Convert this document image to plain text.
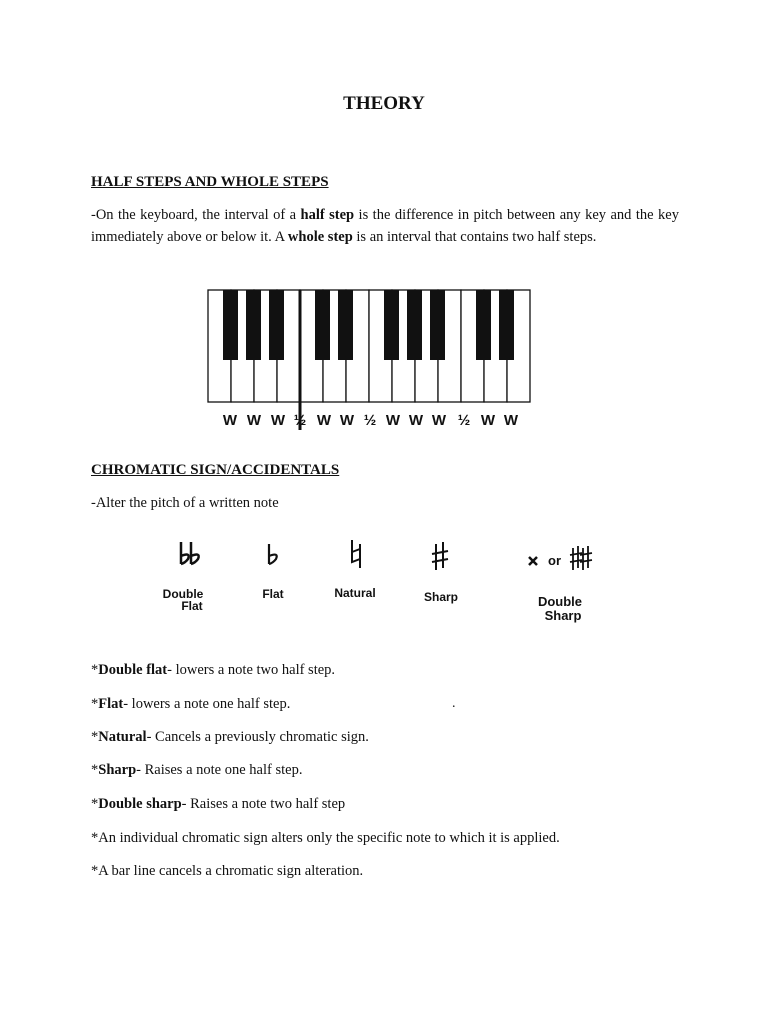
THEORY
HALF STEPS AND WHOLE STEPS

-On the keyboard, the interval of a half step is the difference in pitch between any key and the key immediately above or below it. A whole step is an interval that contains two half steps.

W W W ½ W W ½ W W W ½ W W
CHROMATIC SIGN/ACCIDENTALS

-Alter the pitch of a written note

or
Double
Flat
Flat	Natural	Sharp	Double
Sharp

*Double flat- lowers a note two half step.

*Flat- lowers a note one half step.

*Natural- Cancels a previously chromatic sign.

*Sharp- Raises a note one half step.

*Double sharp- Raises a note two half step

*An individual chromatic sign alters only the specific note to which it is applied.

*A bar line cancels a chromatic sign alteration.

.
